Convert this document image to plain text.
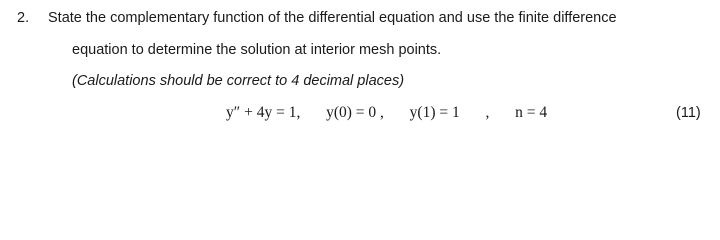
2. State the complementary function of the differential equation and use the finite difference
equation to determine the solution at interior mesh points.
(Calculations should be correct to 4 decimal places)
y″ + 4y = 1, y(0) = 0 , y(1) = 1 , n = 4	(11)
